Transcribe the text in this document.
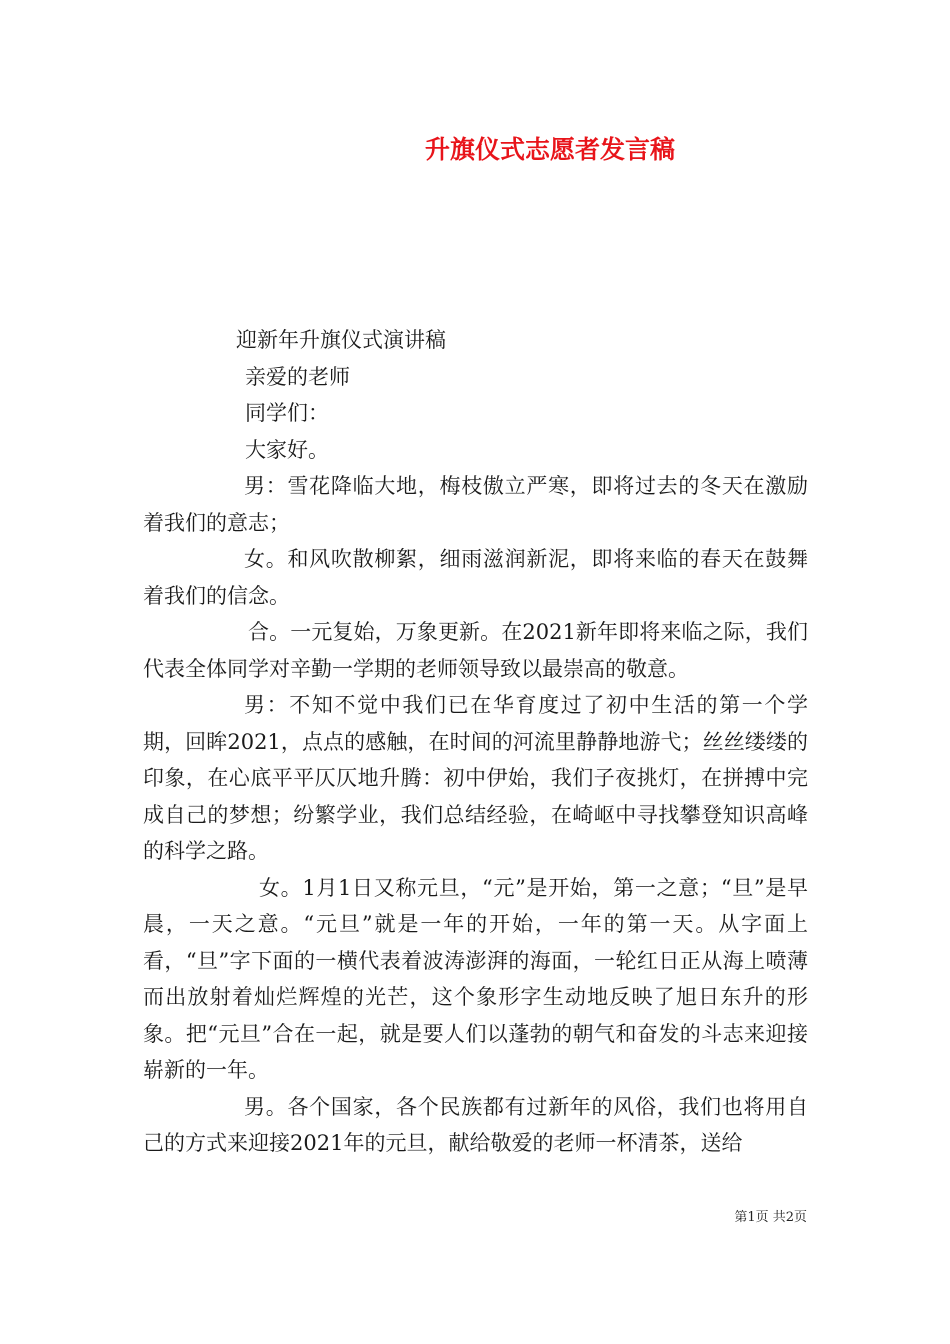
升旗仪式志愿者发言稿
迎新年升旗仪式演讲稿
亲爱的老师
同学们：
大家好。
男：雪花降临大地，梅枝傲立严寒，即将过去的冬天在激励着我们的意志；
女。和风吹散柳絮，细雨滋润新泥，即将来临的春天在鼓舞着我们的信念。
合。一元复始，万象更新。在2021新年即将来临之际，我们代表全体同学对辛勤一学期的老师领导致以最崇高的敬意。
男：不知不觉中我们已在华育度过了初中生活的第一个学期，回眸2021，点点的感触，在时间的河流里静静地游弋；丝丝缕缕的印象，在心底平平仄仄地升腾：初中伊始，我们子夜挑灯，在拼搏中完成自己的梦想；纷繁学业，我们总结经验，在崎岖中寻找攀登知识高峰的科学之路。
女。1月1日又称元旦，“元”是开始，第一之意；“旦”是早晨，一天之意。“元旦”就是一年的开始，一年的第一天。从字面上看，“旦”字下面的一横代表着波涛澎湃的海面，一轮红日正从海上喷薄而出放射着灿烂辉煌的光芒，这个象形字生动地反映了旭日东升的形象。把“元旦”合在一起，就是要人们以蓬勃的朝气和奋发的斗志来迎接崭新的一年。
男。各个国家，各个民族都有过新年的风俗，我们也将用自己的方式来迎接2021年的元旦，献给敬爱的老师一杯清茶，送给
第1页 共2页
